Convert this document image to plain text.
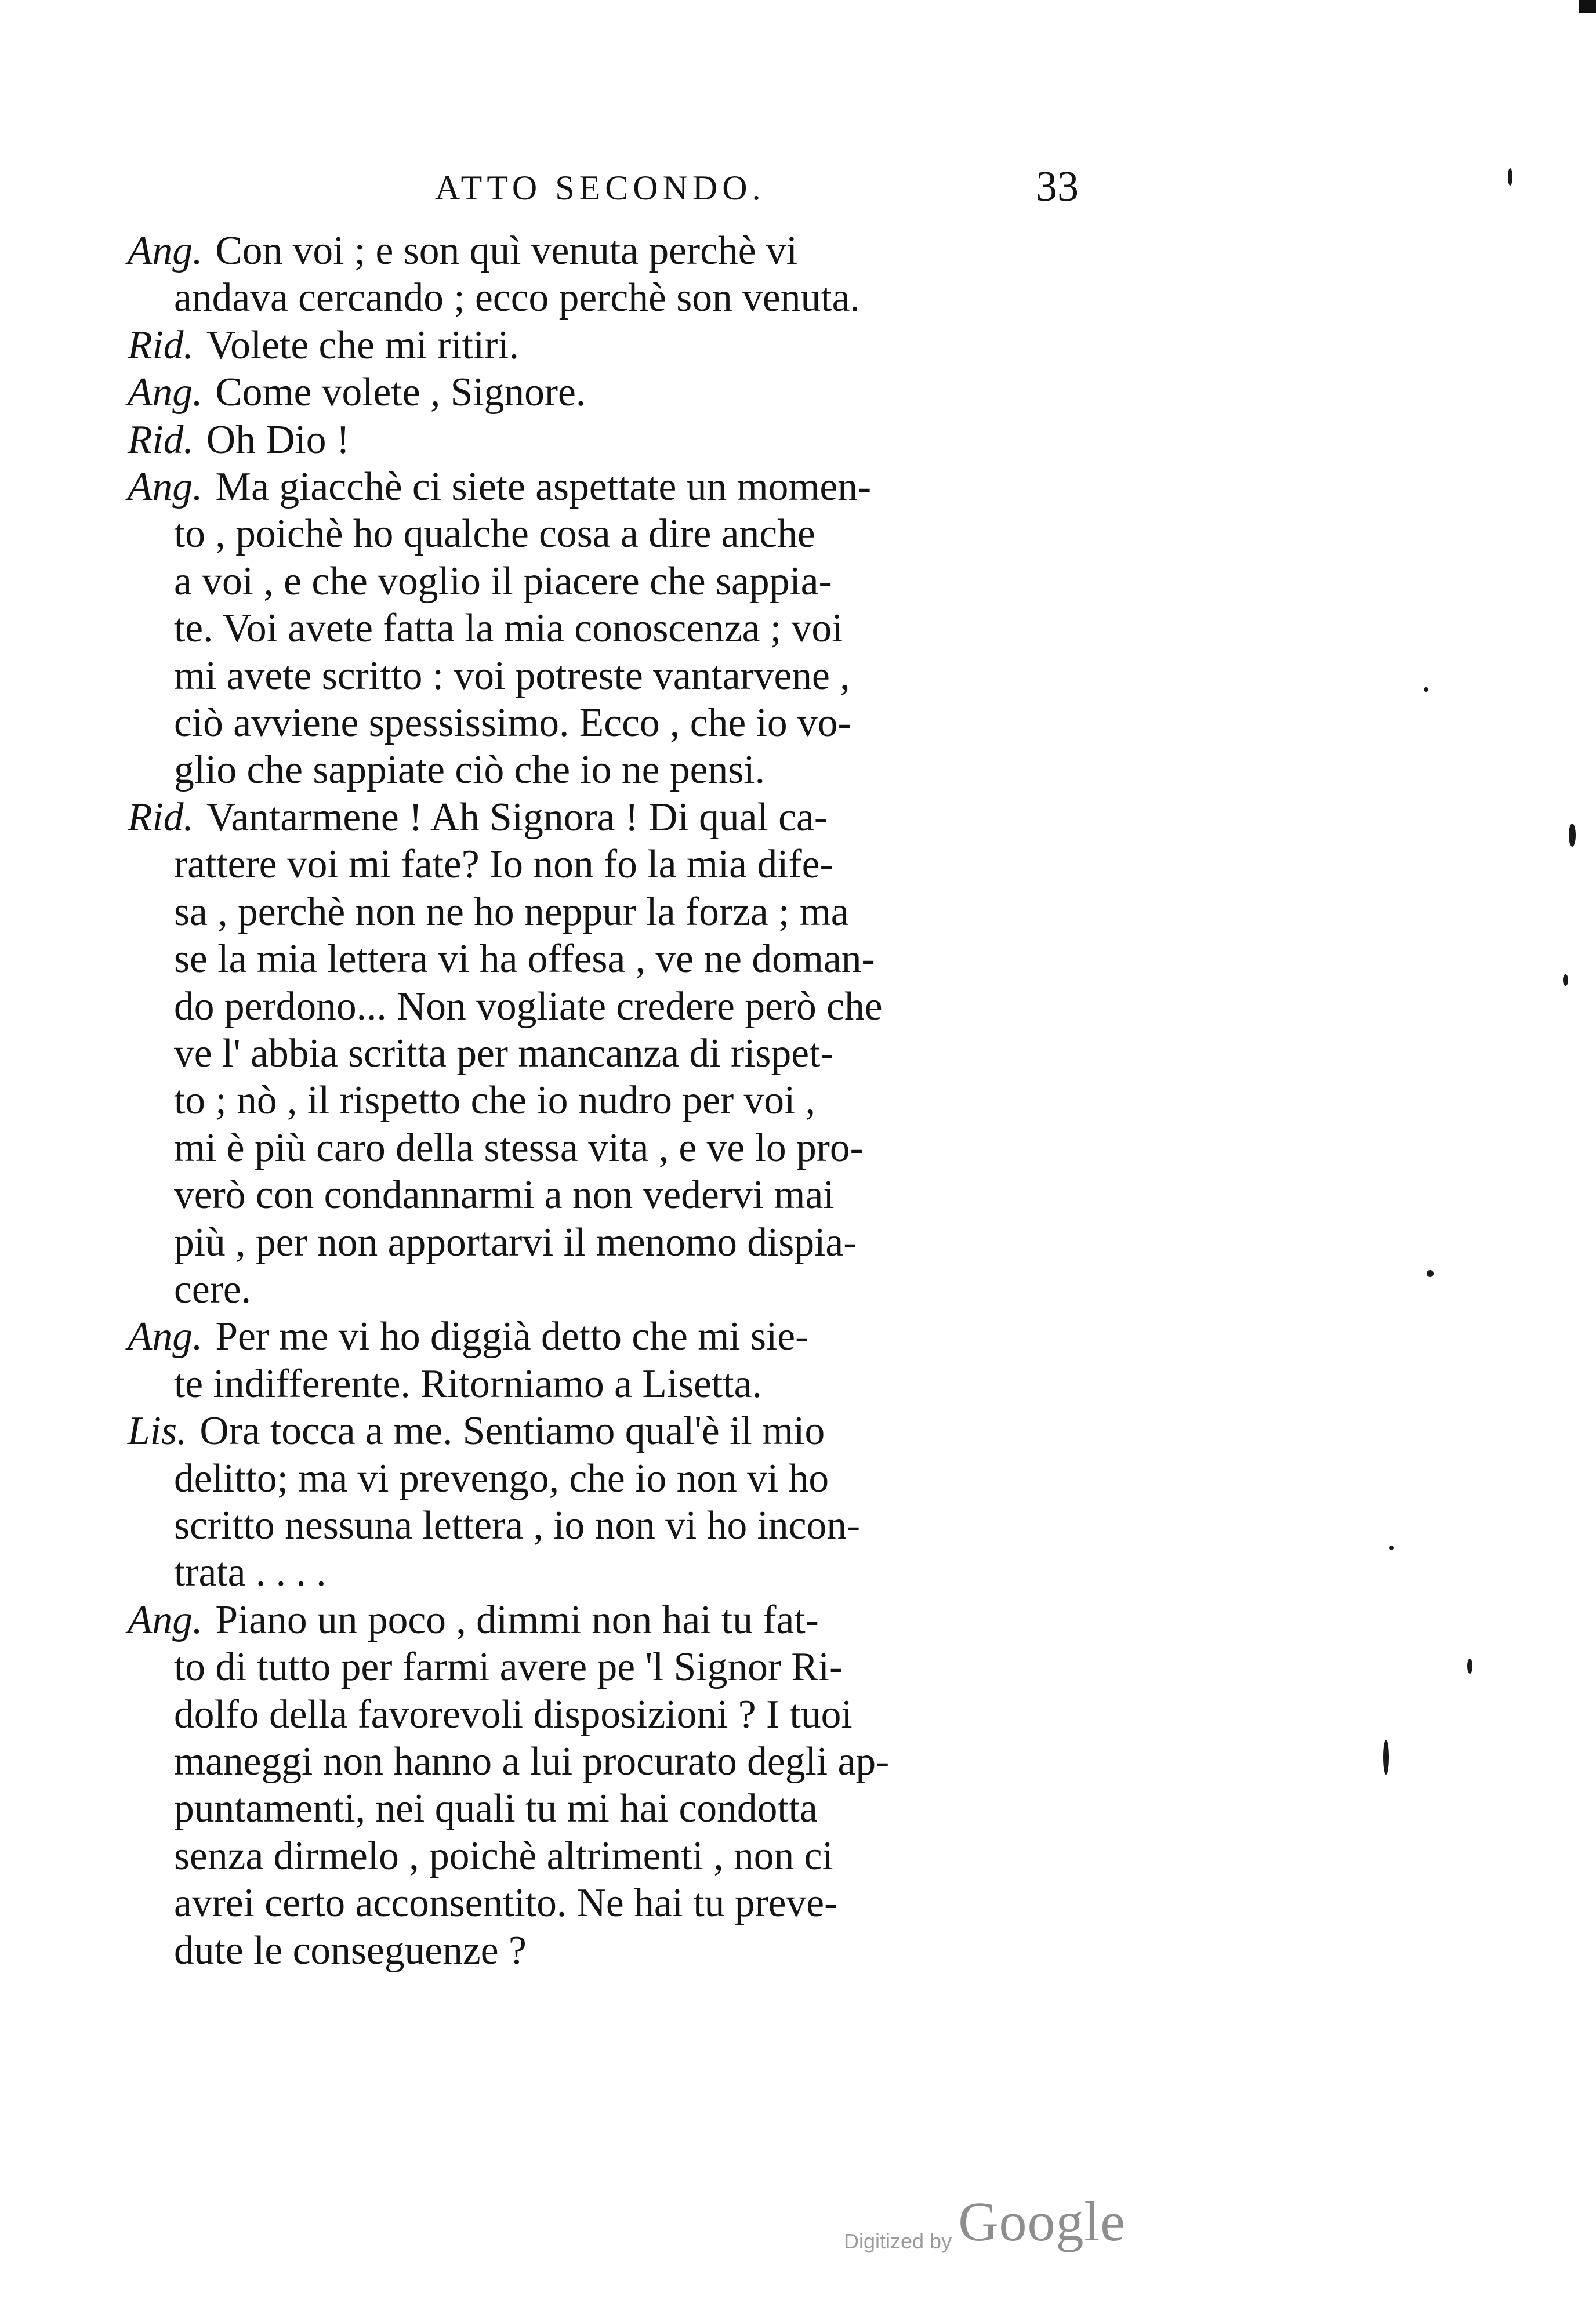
ATTO SECONDO.	33
Ang. Con voi ; e son quì venuta perchè vi
andava cercando ; ecco perchè son venuta.
Rid. Volete che mi ritiri.
Ang. Come volete , Signore.
Rid. Oh Dio !
Ang. Ma giacchè ci siete aspettate un momen-
to , poichè ho qualche cosa a dire anche
a voi , e che voglio il piacere che sappia-
te. Voi avete fatta la mia conoscenza ; voi
mi avete scritto : voi potreste vantarvene ,
ciò avviene spessissimo. Ecco , che io vo-
glio che sappiate ciò che io ne pensi.
Rid. Vantarmene ! Ah Signora ! Di qual ca-
rattere voi mi fate? Io non fo la mia dife-
sa , perchè non ne ho neppur la forza ; ma
se la mia lettera vi ha offesa , ve ne doman-
do perdono... Non vogliate credere però che
ve l' abbia scritta per mancanza di rispet-
to ; nò , il rispetto che io nudro per voi ,
mi è più caro della stessa vita , e ve lo pro-
verò con condannarmi a non vedervi mai
più , per non apportarvi il menomo dispia-
cere.
Ang. Per me vi ho diggià detto che mi sie-
te indifferente. Ritorniamo a Lisetta.
Lis. Ora tocca a me. Sentiamo qual'è il mio
delitto; ma vi prevengo, che io non vi ho
scritto nessuna lettera , io non vi ho incon-
trata . . . .
Ang. Piano un poco , dimmi non hai tu fat-
to di tutto per farmi avere pe 'l Signor Ri-
dolfo della favorevoli disposizioni ? I tuoi
maneggi non hanno a lui procurato degli ap-
puntamenti, nei quali tu mi hai condotta
senza dirmelo , poichè altrimenti , non ci
avrei certo acconsentito. Ne hai tu preve-
dute le conseguenze ?
Digitized by Google
